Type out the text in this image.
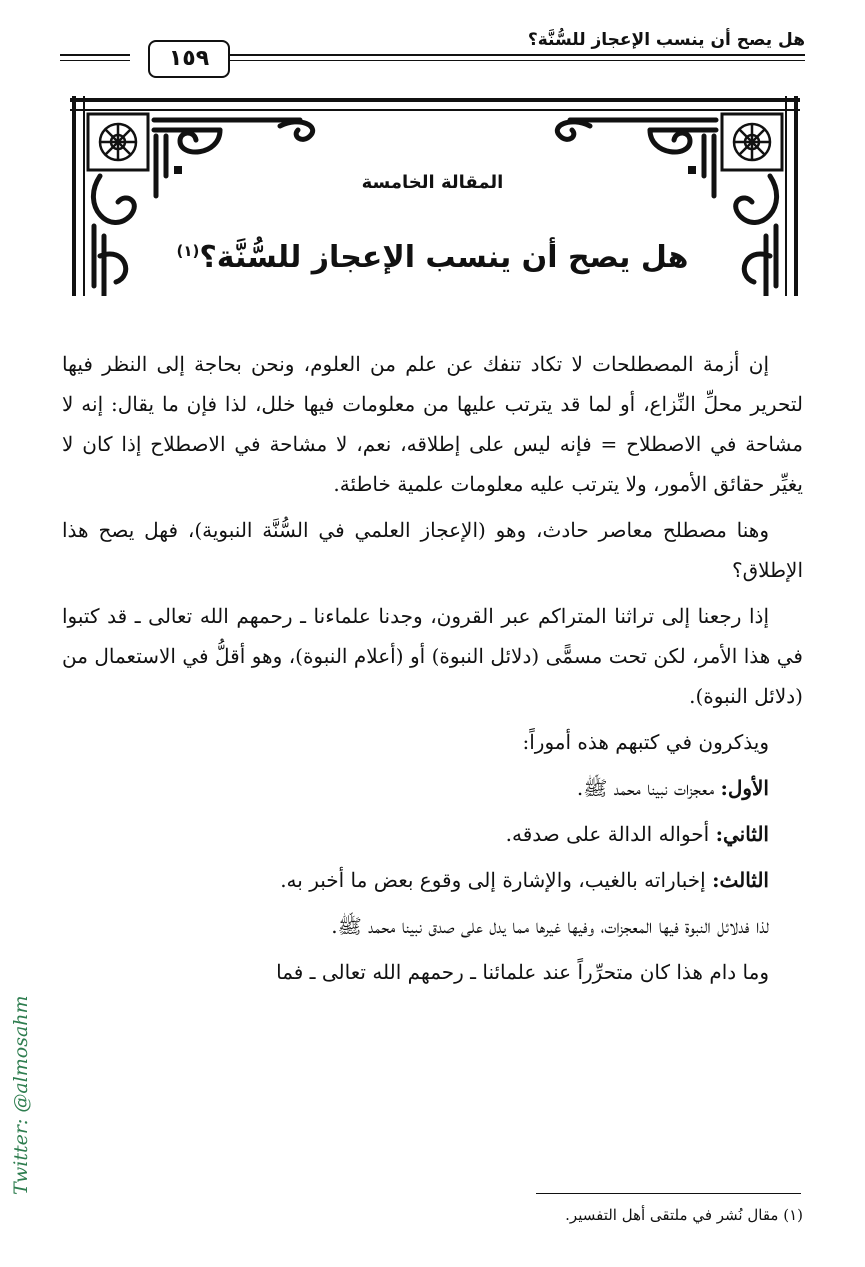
١٥٩
هل يصح أن ينسب الإعجاز للسُّنَّة؟
المقالة الخامسة
هل يصح أن ينسب الإعجاز للسُّنَّة؟$^{(١)}$

إن أزمة المصطلحات لا تكاد تنفك عن علم من العلوم، ونحن بحاجة إلى النظر فيها لتحرير محلِّ النِّزاع، أو لما قد يترتب عليها من معلومات فيها خلل، لذا فإن ما يقال: إنه لا مشاحة في الاصطلاح = فإنه ليس على إطلاقه، نعم، لا مشاحة في الاصطلاح إذا كان لا يغيِّر حقائق الأمور، ولا يترتب عليه معلومات علمية خاطئة.

وهنا مصطلح معاصر حادث، وهو (الإعجاز العلمي في السُّنَّة النبوية)، فهل يصح هذا الإطلاق؟

إذا رجعنا إلى تراثنا المتراكم عبر القرون، وجدنا علماءنا ـ رحمهم الله تعالى ـ قد كتبوا في هذا الأمر، لكن تحت مسمًّى (دلائل النبوة) أو (أعلام النبوة)، وهو أقلُّ في الاستعمال من (دلائل النبوة).

ويذكرون في كتبهم هذه أموراً:

الأول: معجزات نبينا محمد ﷺ.

الثاني: أحواله الدالة على صدقه.

الثالث: إخباراته بالغيب، والإشارة إلى وقوع بعض ما أخبر به.

لذا فدلائل النبوة فيها المعجزات، وفيها غيرها مما يدل على صدق نبينا محمد ﷺ.

وما دام هذا كان متحرِّراً عند علمائنا ـ رحمهم الله تعالى ـ فما

(١) مقال نُشر في ملتقى أهل التفسير.
Twitter: @almosahm
